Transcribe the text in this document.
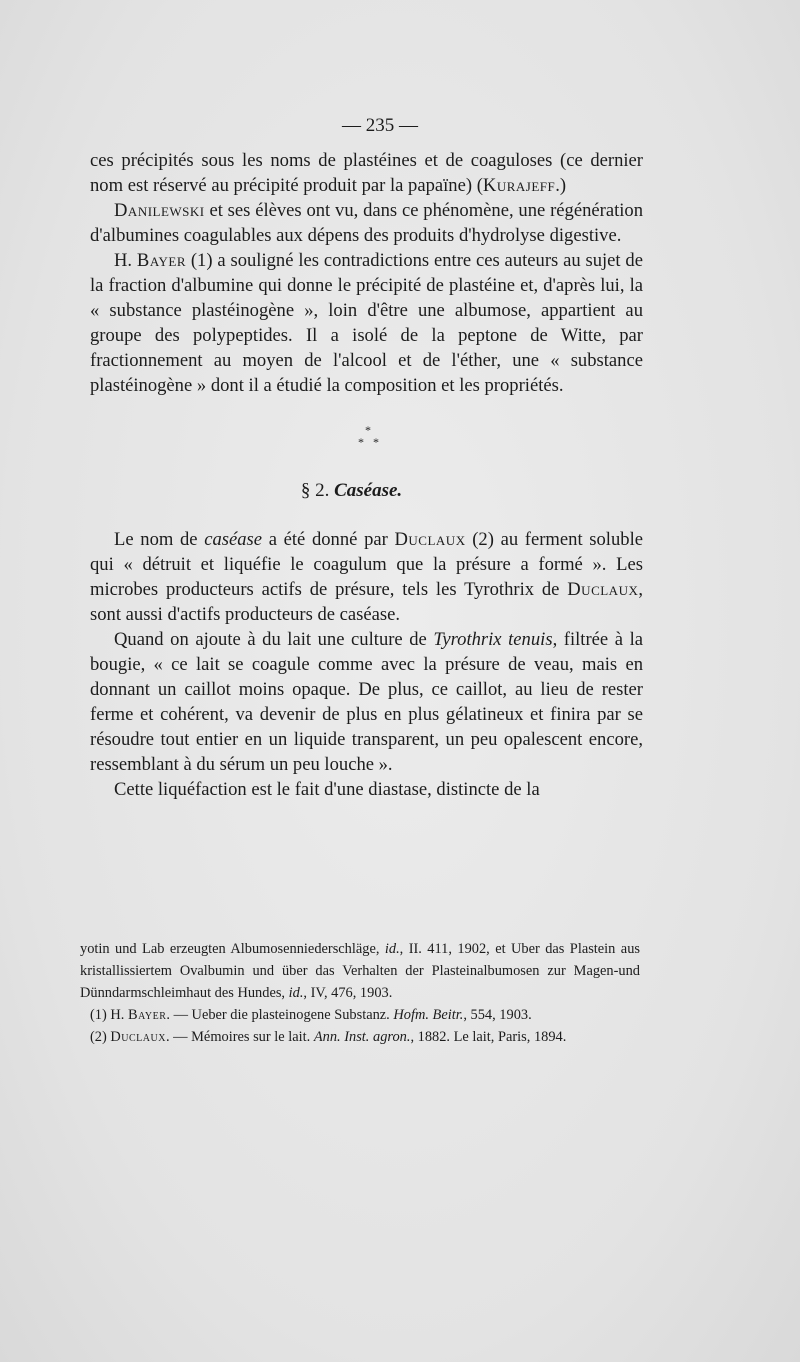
— 235 —

ces précipités sous les noms de plastéines et de coaguloses (ce dernier nom est réservé au précipité produit par la papaïne) (Kurajeff.)

Danilewski et ses élèves ont vu, dans ce phénomène, une régénération d'albumines coagulables aux dépens des produits d'hydrolyse digestive.

H. Bayer (1) a souligné les contradictions entre ces auteurs au sujet de la fraction d'albumine qui donne le précipité de plastéine et, d'après lui, la « substance plastéinogène », loin d'être une albumose, appartient au groupe des polypeptides. Il a isolé de la peptone de Witte, par fractionnement au moyen de l'alcool et de l'éther, une « substance plastéinogène » dont il a étudié la composition et les propriétés.

*
* *
§ 2. Caséase.

Le nom de caséase a été donné par Duclaux (2) au ferment soluble qui « détruit et liquéfie le coagulum que la présure a formé ». Les microbes producteurs actifs de présure, tels les Tyrothrix de Duclaux, sont aussi d'actifs producteurs de caséase.

Quand on ajoute à du lait une culture de Tyrothrix tenuis, filtrée à la bougie, « ce lait se coagule comme avec la présure de veau, mais en donnant un caillot moins opaque. De plus, ce caillot, au lieu de rester ferme et cohérent, va devenir de plus en plus gélatineux et finira par se résoudre tout entier en un liquide transparent, un peu opalescent encore, ressemblant à du sérum un peu louche ».

Cette liquéfaction est le fait d'une diastase, distincte de la

yotin und Lab erzeugten Albumosenniederschläge, id., II. 411, 1902, et Uber das Plastein aus kristallissiertem Ovalbumin und über das Verhalten der Plasteinalbumosen zur Magen-und Dünndarmschleimhaut des Hundes, id., IV, 476, 1903.

(1) H. Bayer. — Ueber die plasteinogene Substanz. Hofm. Beitr., 554, 1903.

(2) Duclaux. — Mémoires sur le lait. Ann. Inst. agron., 1882. Le lait, Paris, 1894.
